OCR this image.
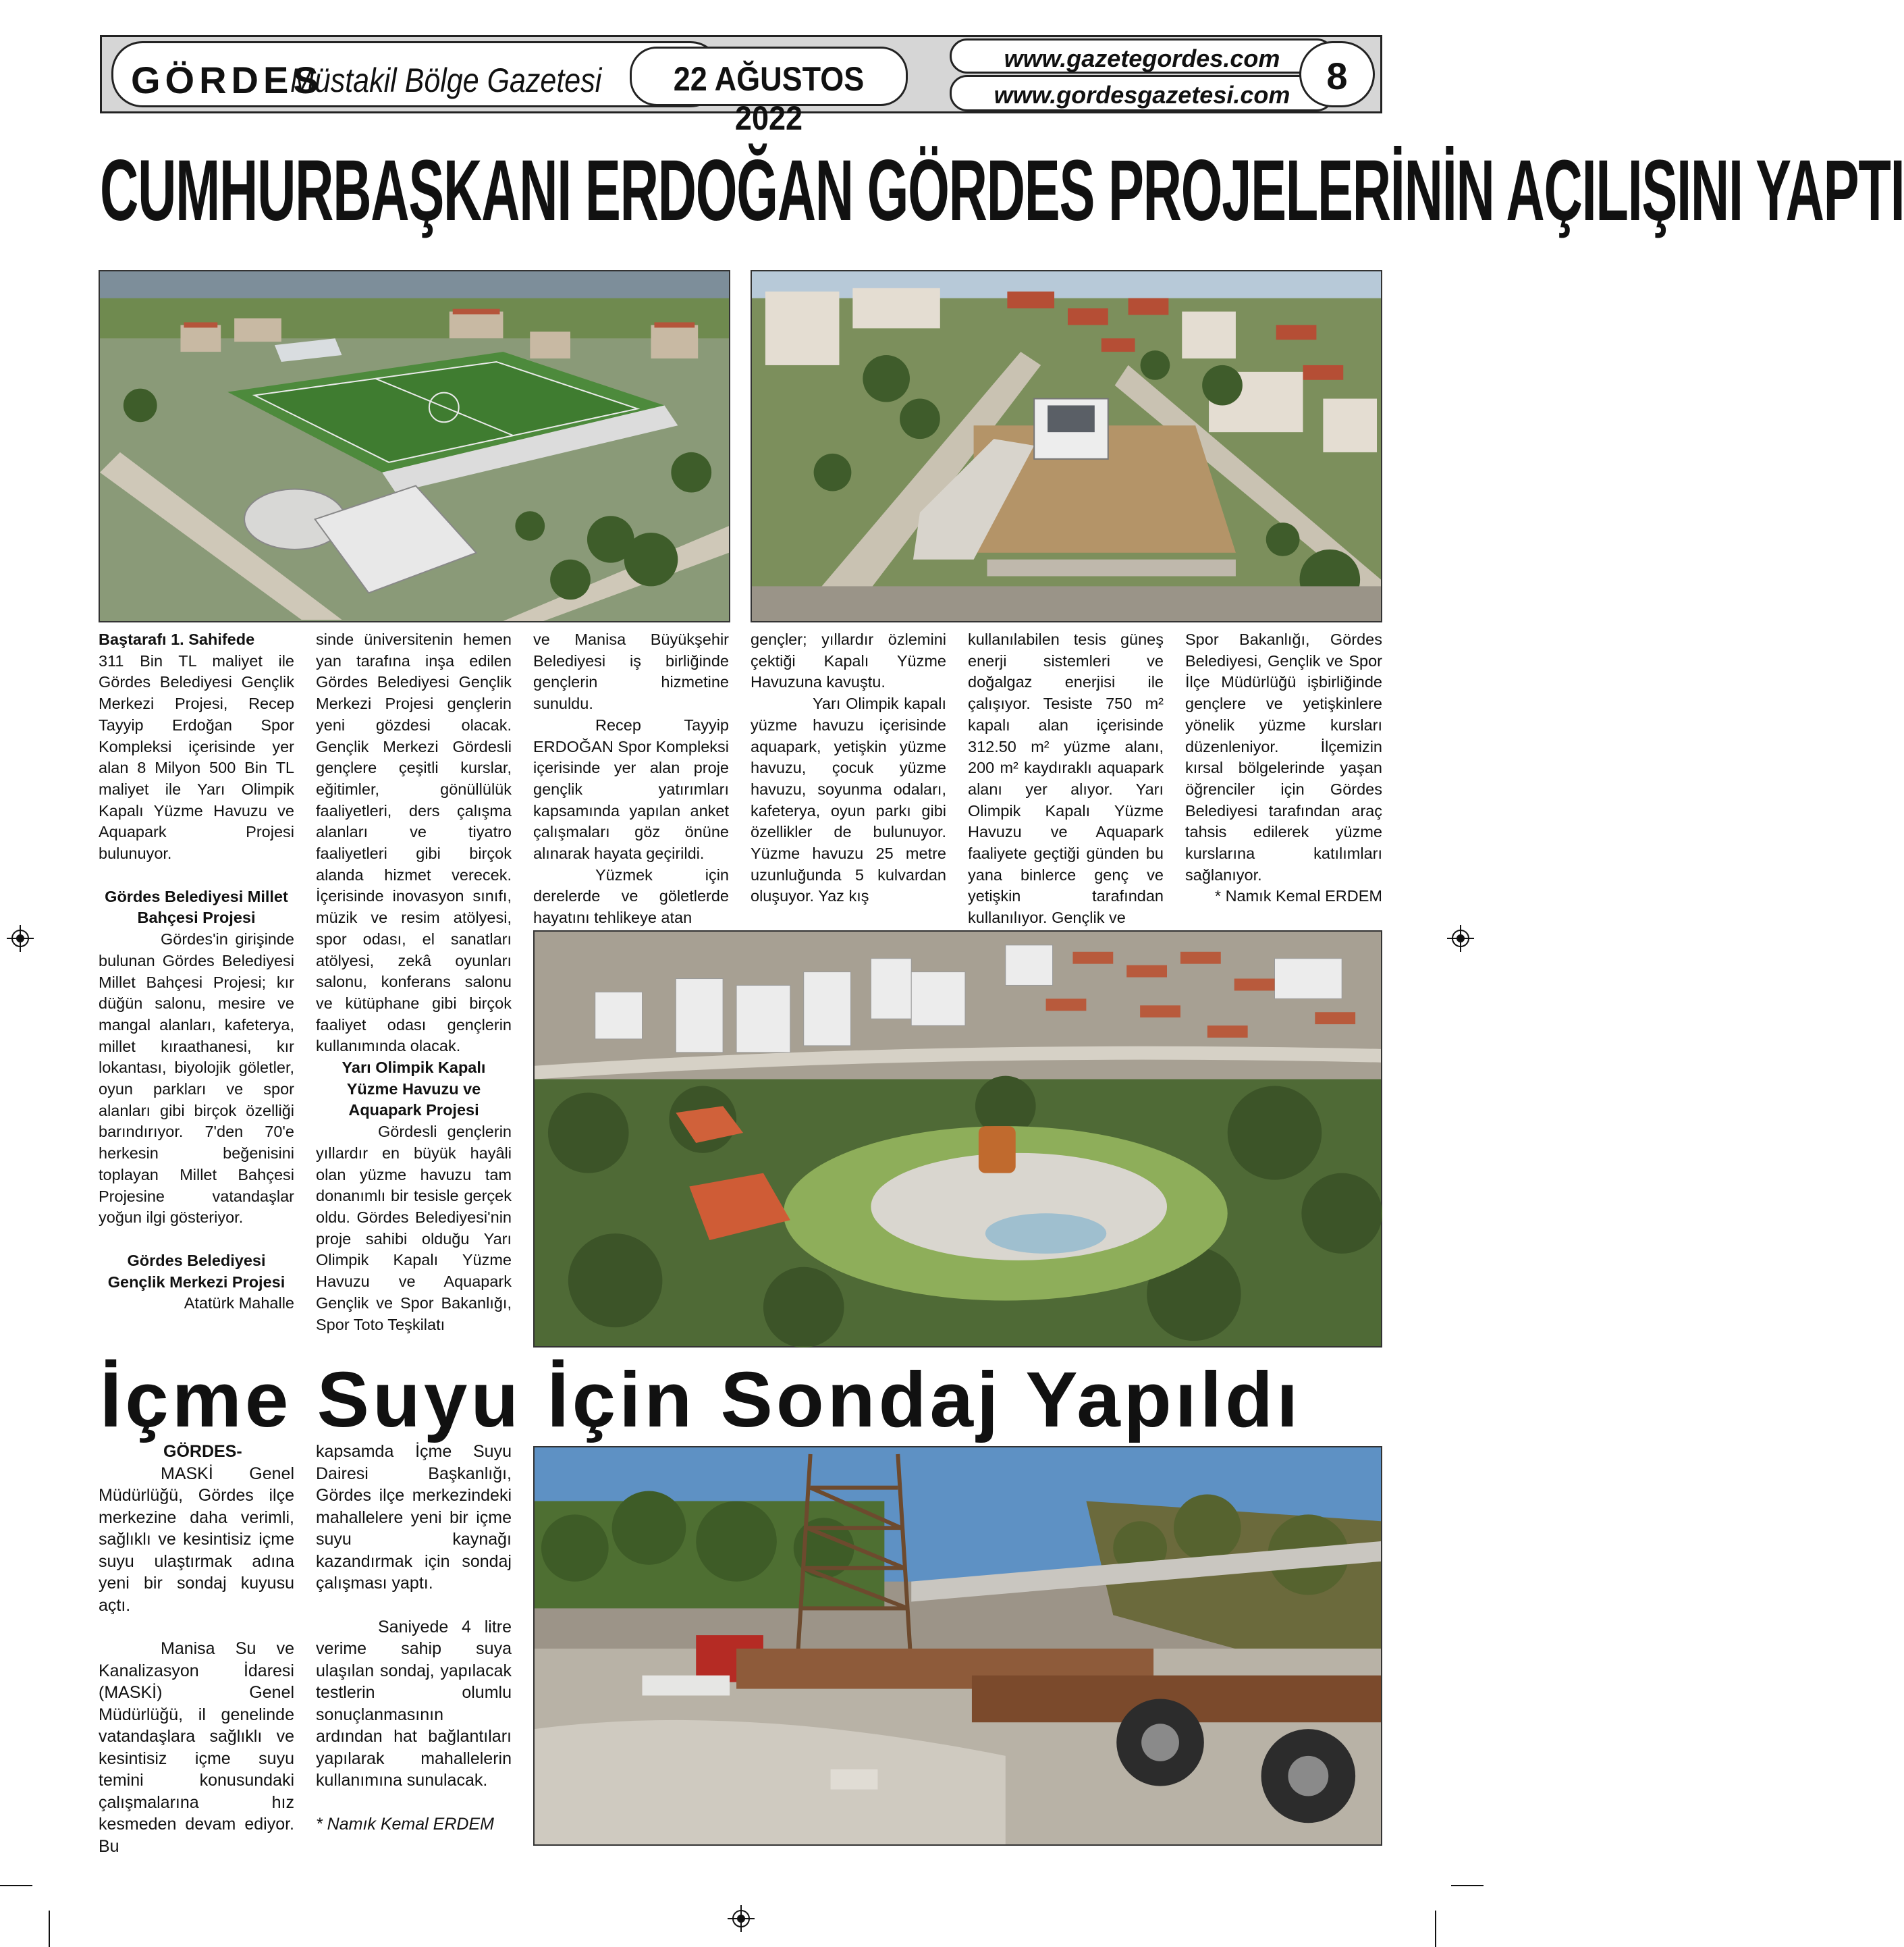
GÖRDES
Müstakil Bölge Gazetesi	22 AĞUSTOS 2022
www.gazetegordes.com
www.gordesgazetesi.com 8
CUMHURBAŞKANI ERDOĞAN GÖRDES PROJELERİNİN AÇILIŞINI YAPTI

Baştarafı 1. Sahifede

311 Bin TL maliyet ile Gördes Belediyesi Gençlik Merkezi Projesi, Recep Tayyip Erdoğan Spor Kompleksi içerisinde yer alan 8 Milyon 500 Bin TL maliyet ile Yarı Olimpik Kapalı Yüzme Havuzu ve Aquapark Projesi bulunuyor.

Gördes Belediyesi Millet Bahçesi Projesi

Gördes'in girişinde bulunan Gördes Belediyesi Millet Bahçesi Projesi; kır düğün salonu, mesire ve mangal alanları, kafeterya, millet kıraathanesi, kır lokantası, biyolojik göletler, oyun parkları ve spor alanları gibi birçok özelliği barındırıyor. 7'den 70'e herkesin beğenisini toplayan Millet Bahçesi Projesine vatandaşlar yoğun ilgi gösteriyor.

Gördes Belediyesi Gençlik Merkezi Projesi

Atatürk Mahalle

sinde üniversitenin hemen yan tarafına inşa edilen Gördes Belediyesi Gençlik Merkezi Projesi gençlerin yeni gözdesi olacak. Gençlik Merkezi Gördesli gençlere çeşitli kurslar, eğitimler, gönüllülük faaliyetleri, ders çalışma alanları ve tiyatro faaliyetleri gibi birçok alanda hizmet verecek. İçerisinde inovasyon sınıfı, müzik ve resim atölyesi, spor odası, el sanatları atölyesi, zekâ oyunları salonu, konferans salonu ve kütüphane gibi birçok faaliyet odası gençlerin kullanımında olacak.

Yarı Olimpik Kapalı Yüzme Havuzu ve Aquapark Projesi

Gördesli gençlerin yıllardır en büyük hayâli olan yüzme havuzu tam donanımlı bir tesisle gerçek oldu. Gördes Belediyesi'nin proje sahibi olduğu Yarı Olimpik Kapalı Yüzme Havuzu ve Aquapark Gençlik ve Spor Bakanlığı, Spor Toto Teşkilatı

ve Manisa Büyükşehir Belediyesi iş birliğinde gençlerin hizmetine sunuldu.

Recep Tayyip ERDOĞAN Spor Kompleksi içerisinde yer alan proje gençlik yatırımları kapsamında yapılan anket çalışmaları göz önüne alınarak hayata geçirildi.

Yüzmek için derelerde ve göletlerde hayatını tehlikeye atan

gençler; yıllardır özlemini çektiği Kapalı Yüzme Havuzuna kavuştu.

Yarı Olimpik kapalı yüzme havuzu içerisinde aquapark, yetişkin yüzme havuzu, çocuk yüzme havuzu, soyunma odaları, kafeterya, oyun parkı gibi özellikler de bulunuyor. Yüzme havuzu 25 metre uzunluğunda 5 kulvardan oluşuyor. Yaz kış

kullanılabilen tesis güneş enerji sistemleri ve doğalgaz enerjisi ile çalışıyor. Tesiste 750 m² kapalı alan içerisinde 312.50 m² yüzme alanı, 200 m² kaydıraklı aquapark alanı yer alıyor. Yarı Olimpik Kapalı Yüzme Havuzu ve Aquapark faaliyete geçtiği günden bu yana binlerce genç ve yetişkin tarafından kullanılıyor. Gençlik ve

Spor Bakanlığı, Gördes Belediyesi, Gençlik ve Spor İlçe Müdürlüğü işbirliğinde gençlere ve yetişkinlere yönelik yüzme kursları düzenleniyor. İlçemizin kırsal bölgelerinde yaşan öğrenciler için Gördes Belediyesi tarafından araç tahsis edilerek yüzme kurslarına katılımları sağlanıyor.

* Namık Kemal ERDEM

İçme Suyu İçin Sondaj Yapıldı

GÖRDES-

MASKİ Genel Müdürlüğü, Gördes ilçe merkezine daha verimli, sağlıklı ve kesintisiz içme suyu ulaştırmak adına yeni bir sondaj kuyusu açtı.

Manisa Su ve Kanalizasyon İdaresi (MASKİ) Genel Müdürlüğü, il genelinde vatandaşlara sağlıklı ve kesintisiz içme suyu temini konusundaki çalışmalarına hız kesmeden devam ediyor. Bu

kapsamda İçme Suyu Dairesi Başkanlığı, Gördes ilçe merkezindeki mahallelere yeni bir içme suyu kaynağı kazandırmak için sondaj çalışması yaptı.

Saniyede 4 litre verime sahip suya ulaşılan sondaj, yapılacak testlerin olumlu sonuçlanmasının ardından hat bağlantıları yapılarak mahallelerin kullanımına sunulacak.

* Namık Kemal ERDEM
